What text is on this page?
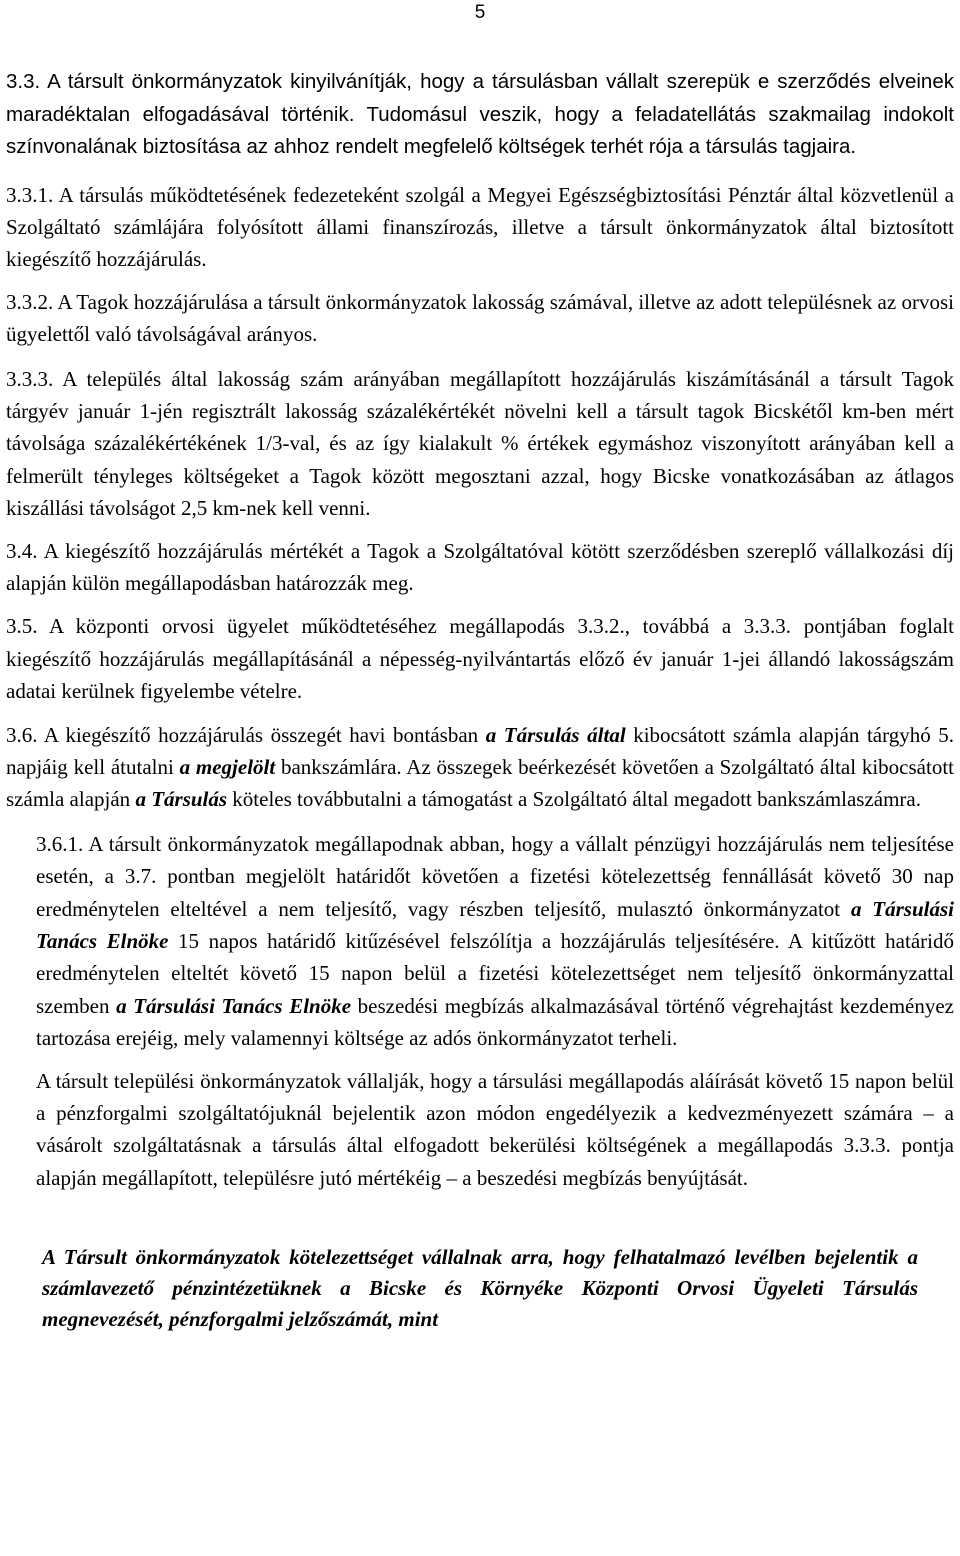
5

3.3. A társult önkormányzatok kinyilvánítják, hogy a társulásban vállalt szerepük e szerződés elveinek maradéktalan elfogadásával történik. Tudomásul veszik, hogy a feladatellátás szakmailag indokolt színvonalának biztosítása az ahhoz rendelt megfelelő költségek terhét rója a társulás tagjaira.

3.3.1. A társulás működtetésének fedezeteként szolgál a Megyei Egészségbiztosítási Pénztár által közvetlenül a Szolgáltató számlájára folyósított állami finanszírozás, illetve a társult önkormányzatok által biztosított kiegészítő hozzájárulás.

3.3.2. A Tagok hozzájárulása a társult önkormányzatok lakosság számával, illetve az adott településnek az orvosi ügyelettől való távolságával arányos.

3.3.3. A település által lakosság szám arányában megállapított hozzájárulás kiszámításánál a társult Tagok tárgyév január 1-jén regisztrált lakosság százalékértékét növelni kell a társult tagok Bicskétől km-ben mért távolsága százalékértékének 1/3-val, és az így kialakult % értékek egymáshoz viszonyított arányában kell a felmerült tényleges költségeket a Tagok között megosztani azzal, hogy Bicske vonatkozásában az átlagos kiszállási távolságot 2,5 km-nek kell venni.

3.4. A kiegészítő hozzájárulás mértékét a Tagok a Szolgáltatóval kötött szerződésben szereplő vállalkozási díj alapján külön megállapodásban határozzák meg.

3.5. A központi orvosi ügyelet működtetéséhez megállapodás 3.3.2., továbbá a 3.3.3. pontjában foglalt kiegészítő hozzájárulás megállapításánál a népesség-nyilvántartás előző év január 1-jei állandó lakosságszám adatai kerülnek figyelembe vételre.

3.6. A kiegészítő hozzájárulás összegét havi bontásban a Társulás által kibocsátott számla alapján tárgyhó 5. napjáig kell átutalni a megjelölt bankszámlára. Az összegek beérkezését követően a Szolgáltató által kibocsátott számla alapján a Társulás köteles továbbutalni a támogatást a Szolgáltató által megadott bankszámlaszámra.

3.6.1. A társult önkormányzatok megállapodnak abban, hogy a vállalt pénzügyi hozzájárulás nem teljesítése esetén, a 3.7. pontban megjelölt határidőt követően a fizetési kötelezettség fennállását követő 30 nap eredménytelen elteltével a nem teljesítő, vagy részben teljesítő, mulasztó önkormányzatot a Társulási Tanács Elnöke 15 napos határidő kitűzésével felszólítja a hozzájárulás teljesítésére. A kitűzött határidő eredménytelen elteltét követő 15 napon belül a fizetési kötelezettséget nem teljesítő önkormányzattal szemben a Társulási Tanács Elnöke beszedési megbízás alkalmazásával történő végrehajtást kezdeményez tartozása erejéig, mely valamennyi költsége az adós önkormányzatot terheli.

A társult települési önkormányzatok vállalják, hogy a társulási megállapodás aláírását követő 15 napon belül a pénzforgalmi szolgáltatójuknál bejelentik azon módon engedélyezik a kedvezményezett számára – a vásárolt szolgáltatásnak a társulás által elfogadott bekerülési költségének a megállapodás 3.3.3. pontja alapján megállapított, településre jutó mértékéig – a beszedési megbízás benyújtását.

A Társult önkormányzatok kötelezettséget vállalnak arra, hogy felhatalmazó levélben bejelentik a számlavezető pénzintézetüknek a Bicske és Környéke Központi Orvosi Ügyeleti Társulás megnevezését, pénzforgalmi jelzőszámát, mint
